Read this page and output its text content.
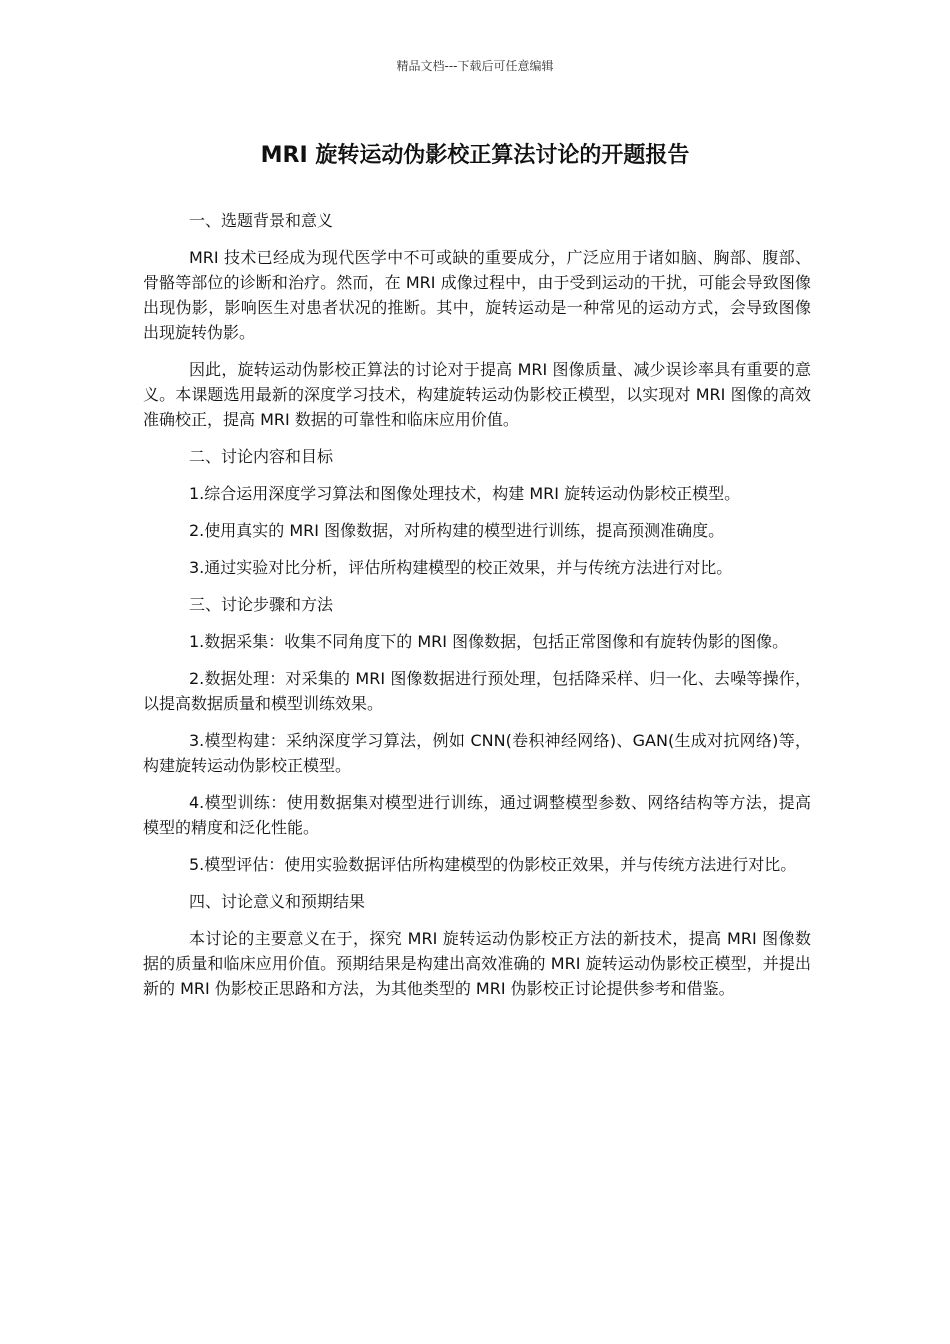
精品文档---下载后可任意编辑
MRI 旋转运动伪影校正算法讨论的开题报告

一、选题背景和意义

MRI 技术已经成为现代医学中不可或缺的重要成分，广泛应用于诸如脑、胸部、腹部、骨骼等部位的诊断和治疗。然而，在 MRI 成像过程中，由于受到运动的干扰，可能会导致图像出现伪影，影响医生对患者状况的推断。其中，旋转运动是一种常见的运动方式，会导致图像出现旋转伪影。

因此，旋转运动伪影校正算法的讨论对于提高 MRI 图像质量、减少误诊率具有重要的意义。本课题选用最新的深度学习技术，构建旋转运动伪影校正模型，以实现对 MRI 图像的高效准确校正，提高 MRI 数据的可靠性和临床应用价值。

二、讨论内容和目标

1.综合运用深度学习算法和图像处理技术，构建 MRI 旋转运动伪影校正模型。

2.使用真实的 MRI 图像数据，对所构建的模型进行训练，提高预测准确度。

3.通过实验对比分析，评估所构建模型的校正效果，并与传统方法进行对比。

三、讨论步骤和方法

1.数据采集：收集不同角度下的 MRI 图像数据，包括正常图像和有旋转伪影的图像。

2.数据处理：对采集的 MRI 图像数据进行预处理，包括降采样、归一化、去噪等操作，以提高数据质量和模型训练效果。

3.模型构建：采纳深度学习算法，例如 CNN(卷积神经网络)、GAN(生成对抗网络)等，构建旋转运动伪影校正模型。

4.模型训练：使用数据集对模型进行训练，通过调整模型参数、网络结构等方法，提高模型的精度和泛化性能。

5.模型评估：使用实验数据评估所构建模型的伪影校正效果，并与传统方法进行对比。

四、讨论意义和预期结果

本讨论的主要意义在于，探究 MRI 旋转运动伪影校正方法的新技术，提高 MRI 图像数据的质量和临床应用价值。预期结果是构建出高效准确的 MRI 旋转运动伪影校正模型，并提出新的 MRI 伪影校正思路和方法，为其他类型的 MRI 伪影校正讨论提供参考和借鉴。
